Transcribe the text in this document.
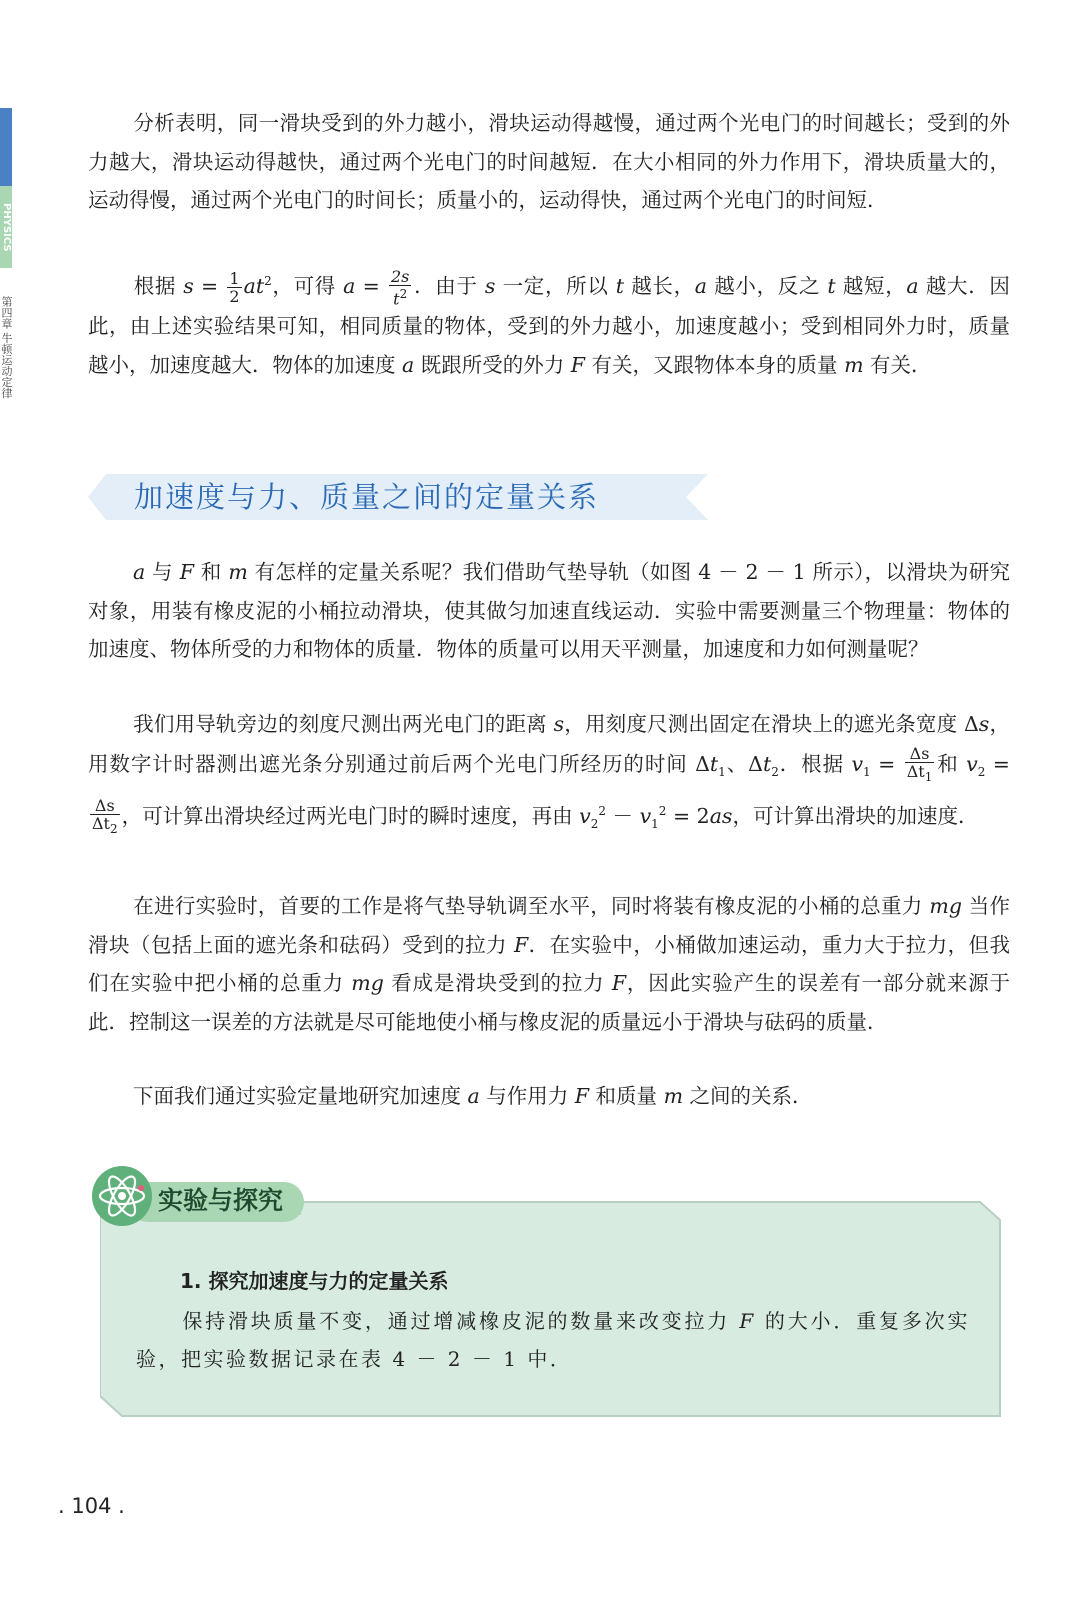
PHYSICS
第四章 牛顿运动定律

分析表明，同一滑块受到的外力越小，滑块运动得越慢，通过两个光电门的时间越长；受到的外力越大，滑块运动得越快，通过两个光电门的时间越短．在大小相同的外力作用下，滑块质量大的，运动得慢，通过两个光电门的时间长；质量小的，运动得快，通过两个光电门的时间短．

根据 $s = \frac{1}{2} at^2$，可得 $a = \frac{2s}{t^2}$ ．由于 s 一定，所以 t 越长，a 越小，反之 t 越短，a 越大．因此，由上述实验结果可知，相同质量的物体，受到的外力越小，加速度越小；受到相同外力时，质量越小，加速度越大．物体的加速度 a 既跟所受的外力 F 有关，又跟物体本身的质量 m 有关．

加速度与力、质量之间的定量关系

a 与 F 和 m 有怎样的定量关系呢？我们借助气垫导轨（如图 4 － 2 － 1 所示），以滑块为研究对象，用装有橡皮泥的小桶拉动滑块，使其做匀加速直线运动．实验中需要测量三个物理量：物体的加速度、物体所受的力和物体的质量．物体的质量可以用天平测量，加速度和力如何测量呢？

我们用导轨旁边的刻度尺测出两光电门的距离 s，用刻度尺测出固定在滑块上的遮光条宽度 Δs，用数字计时器测出遮光条分别通过前后两个光电门所经历的时间 $\Delta t_1$、$\Delta t_2$．根据 $v_1 = \frac{\Delta s}{\Delta t_1}$ 和 $v_2$ =
$\frac{\Delta s}{\Delta t_2}$ ，可计算出滑块经过两光电门时的瞬时速度，再由 $v_2^2 - v_1^2 = 2as$，可计算出滑块的加速度．

在进行实验时，首要的工作是将气垫导轨调至水平，同时将装有橡皮泥的小桶的总重力 mg 当作滑块（包括上面的遮光条和砝码）受到的拉力 F．在实验中，小桶做加速运动，重力大于拉力，但我们在实验中把小桶的总重力 mg 看成是滑块受到的拉力 F，因此实验产生的误差有一部分就来源于此．控制这一误差的方法就是尽可能地使小桶与橡皮泥的质量远小于滑块与砝码的质量．

下面我们通过实验定量地研究加速度 a 与作用力 F 和质量 m 之间的关系．

实验与探究
1. 探究加速度与力的定量关系

保持滑块质量不变，通过增减橡皮泥的数量来改变拉力 F 的大小．重复多次实验，把实验数据记录在表 4 － 2 － 1 中．

. 104 .
